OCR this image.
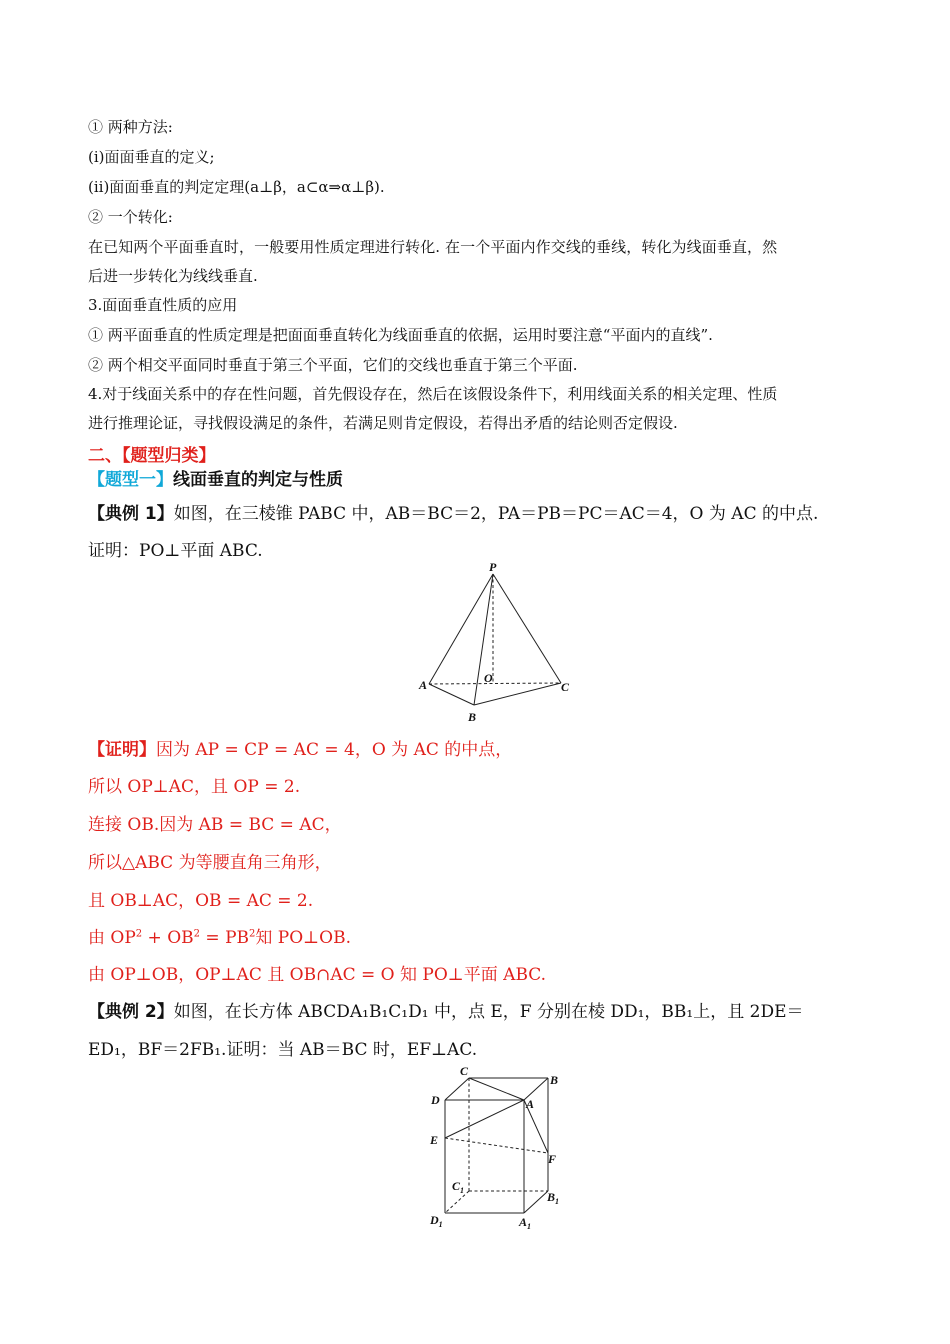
① 两种方法:
(ⅰ)面面垂直的定义;
(ⅱ)面面垂直的判定定理(a⊥β，a⊂α⇒α⊥β).
② 一个转化:
在已知两个平面垂直时，一般要用性质定理进行转化. 在一个平面内作交线的垂线，转化为线面垂直，然
后进一步转化为线线垂直.
3.面面垂直性质的应用
① 两平面垂直的性质定理是把面面垂直转化为线面垂直的依据，运用时要注意“平面内的直线”.
② 两个相交平面同时垂直于第三个平面，它们的交线也垂直于第三个平面.
4.对于线面关系中的存在性问题，首先假设存在，然后在该假设条件下，利用线面关系的相关定理、性质
进行推理论证，寻找假设满足的条件，若满足则肯定假设，若得出矛盾的结论则否定假设.
二、【题型归类】
【题型一】线面垂直的判定与性质
【典例 1】如图，在三棱锥 PABC 中，AB＝BC＝2，PA＝PB＝PC＝AC＝4，O 为 AC 的中点.
证明：PO⊥平面 ABC.
P
A	O
C
B
【证明】因为 AP = CP = AC = 4，O 为 AC 的中点，
所以 OP⊥AC，且 OP = 2.
连接 OB.因为 AB = BC = AC，
所以△ABC 为等腰直角三角形，
且 OB⊥AC，OB = AC = 2.
由 $OP^2 + OB^2 = PB^2$知 PO⊥OB.
由 OP⊥OB，OP⊥AC 且 OB∩AC = O 知 PO⊥平面 ABC.
【典例 2】如图，在长方体 ABCDA₁B₁C₁D₁ 中，点 E，F 分别在棱 DD₁，BB₁上，且 2DE＝
ED₁，BF＝2FB₁.证明：当 AB＝BC 时，EF⊥AC.
C
B
D	A
E
F
$C_1$	$B_1$
$D_1$	$A_1$
